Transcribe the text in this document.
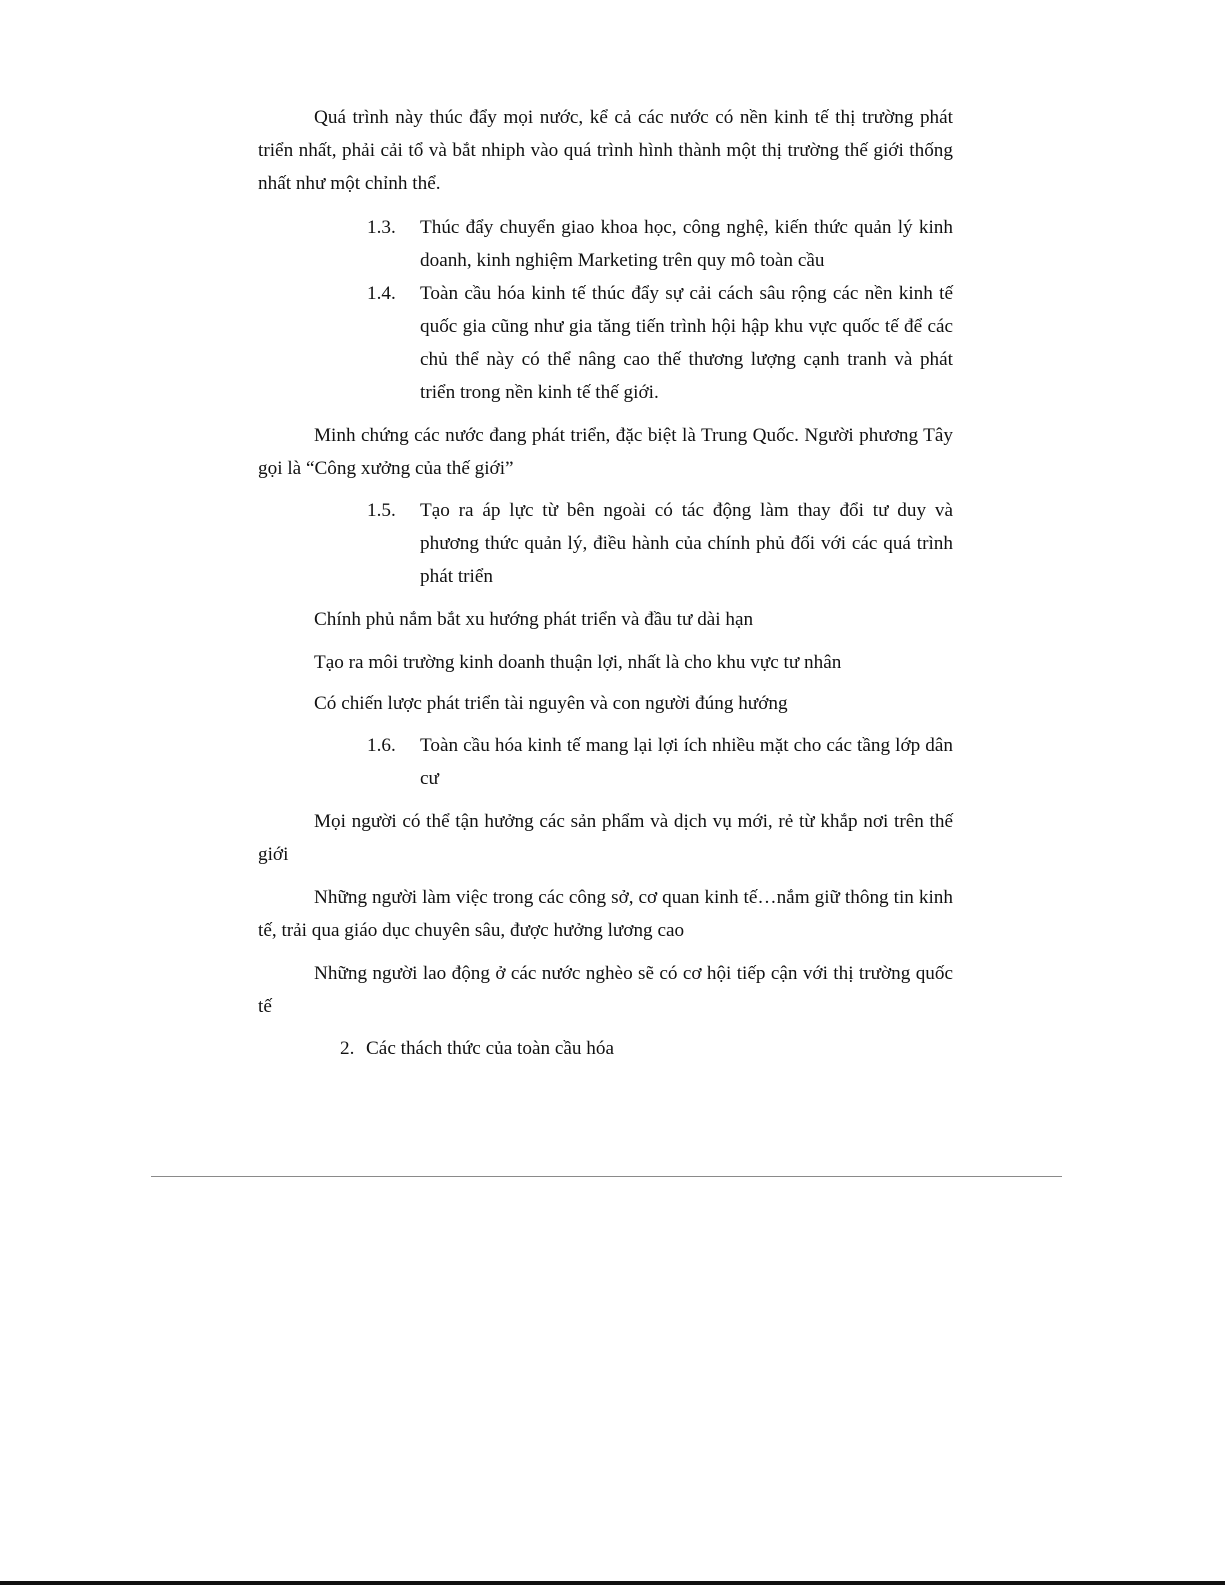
Quá trình này thúc đẩy mọi nước, kể cả các nước có nền kinh tế thị trường phát triển nhất, phải cải tổ và bắt nhiph vào quá trình hình thành một thị trường thế giới thống nhất như một chỉnh thể.

1.3. Thúc đẩy chuyển giao khoa học, công nghệ, kiến thức quản lý kinh doanh, kinh nghiệm Marketing trên quy mô toàn cầu
1.4. Toàn cầu hóa kinh tế thúc đẩy sự cải cách sâu rộng các nền kinh tế quốc gia cũng như gia tăng tiến trình hội hập khu vực quốc tế để các chủ thể này có thể nâng cao thế thương lượng cạnh tranh và phát triển trong nền kinh tế thế giới.

Minh chứng các nước đang phát triển, đặc biệt là Trung Quốc. Người phương Tây gọi là “Công xưởng của thế giới”

1.5. Tạo ra áp lực từ bên ngoài có tác động làm thay đổi tư duy và phương thức quản lý, điều hành của chính phủ đối với các quá trình phát triển
Chính phủ nắm bắt xu hướng phát triển và đầu tư dài hạn
Tạo ra môi trường kinh doanh thuận lợi, nhất là cho khu vực tư nhân
Có chiến lược phát triển tài nguyên và con người đúng hướng
1.6. Toàn cầu hóa kinh tế mang lại lợi ích nhiều mặt cho các tầng lớp dân cư

Mọi người có thể tận hưởng các sản phẩm và dịch vụ mới, rẻ từ khắp nơi trên thế giới

Những người làm việc trong các công sở, cơ quan kinh tế…nắm giữ thông tin kinh tế, trải qua giáo dục chuyên sâu, được hưởng lương cao

Những người lao động ở các nước nghèo sẽ có cơ hội tiếp cận với thị trường quốc tế

2. Các thách thức của toàn cầu hóa
